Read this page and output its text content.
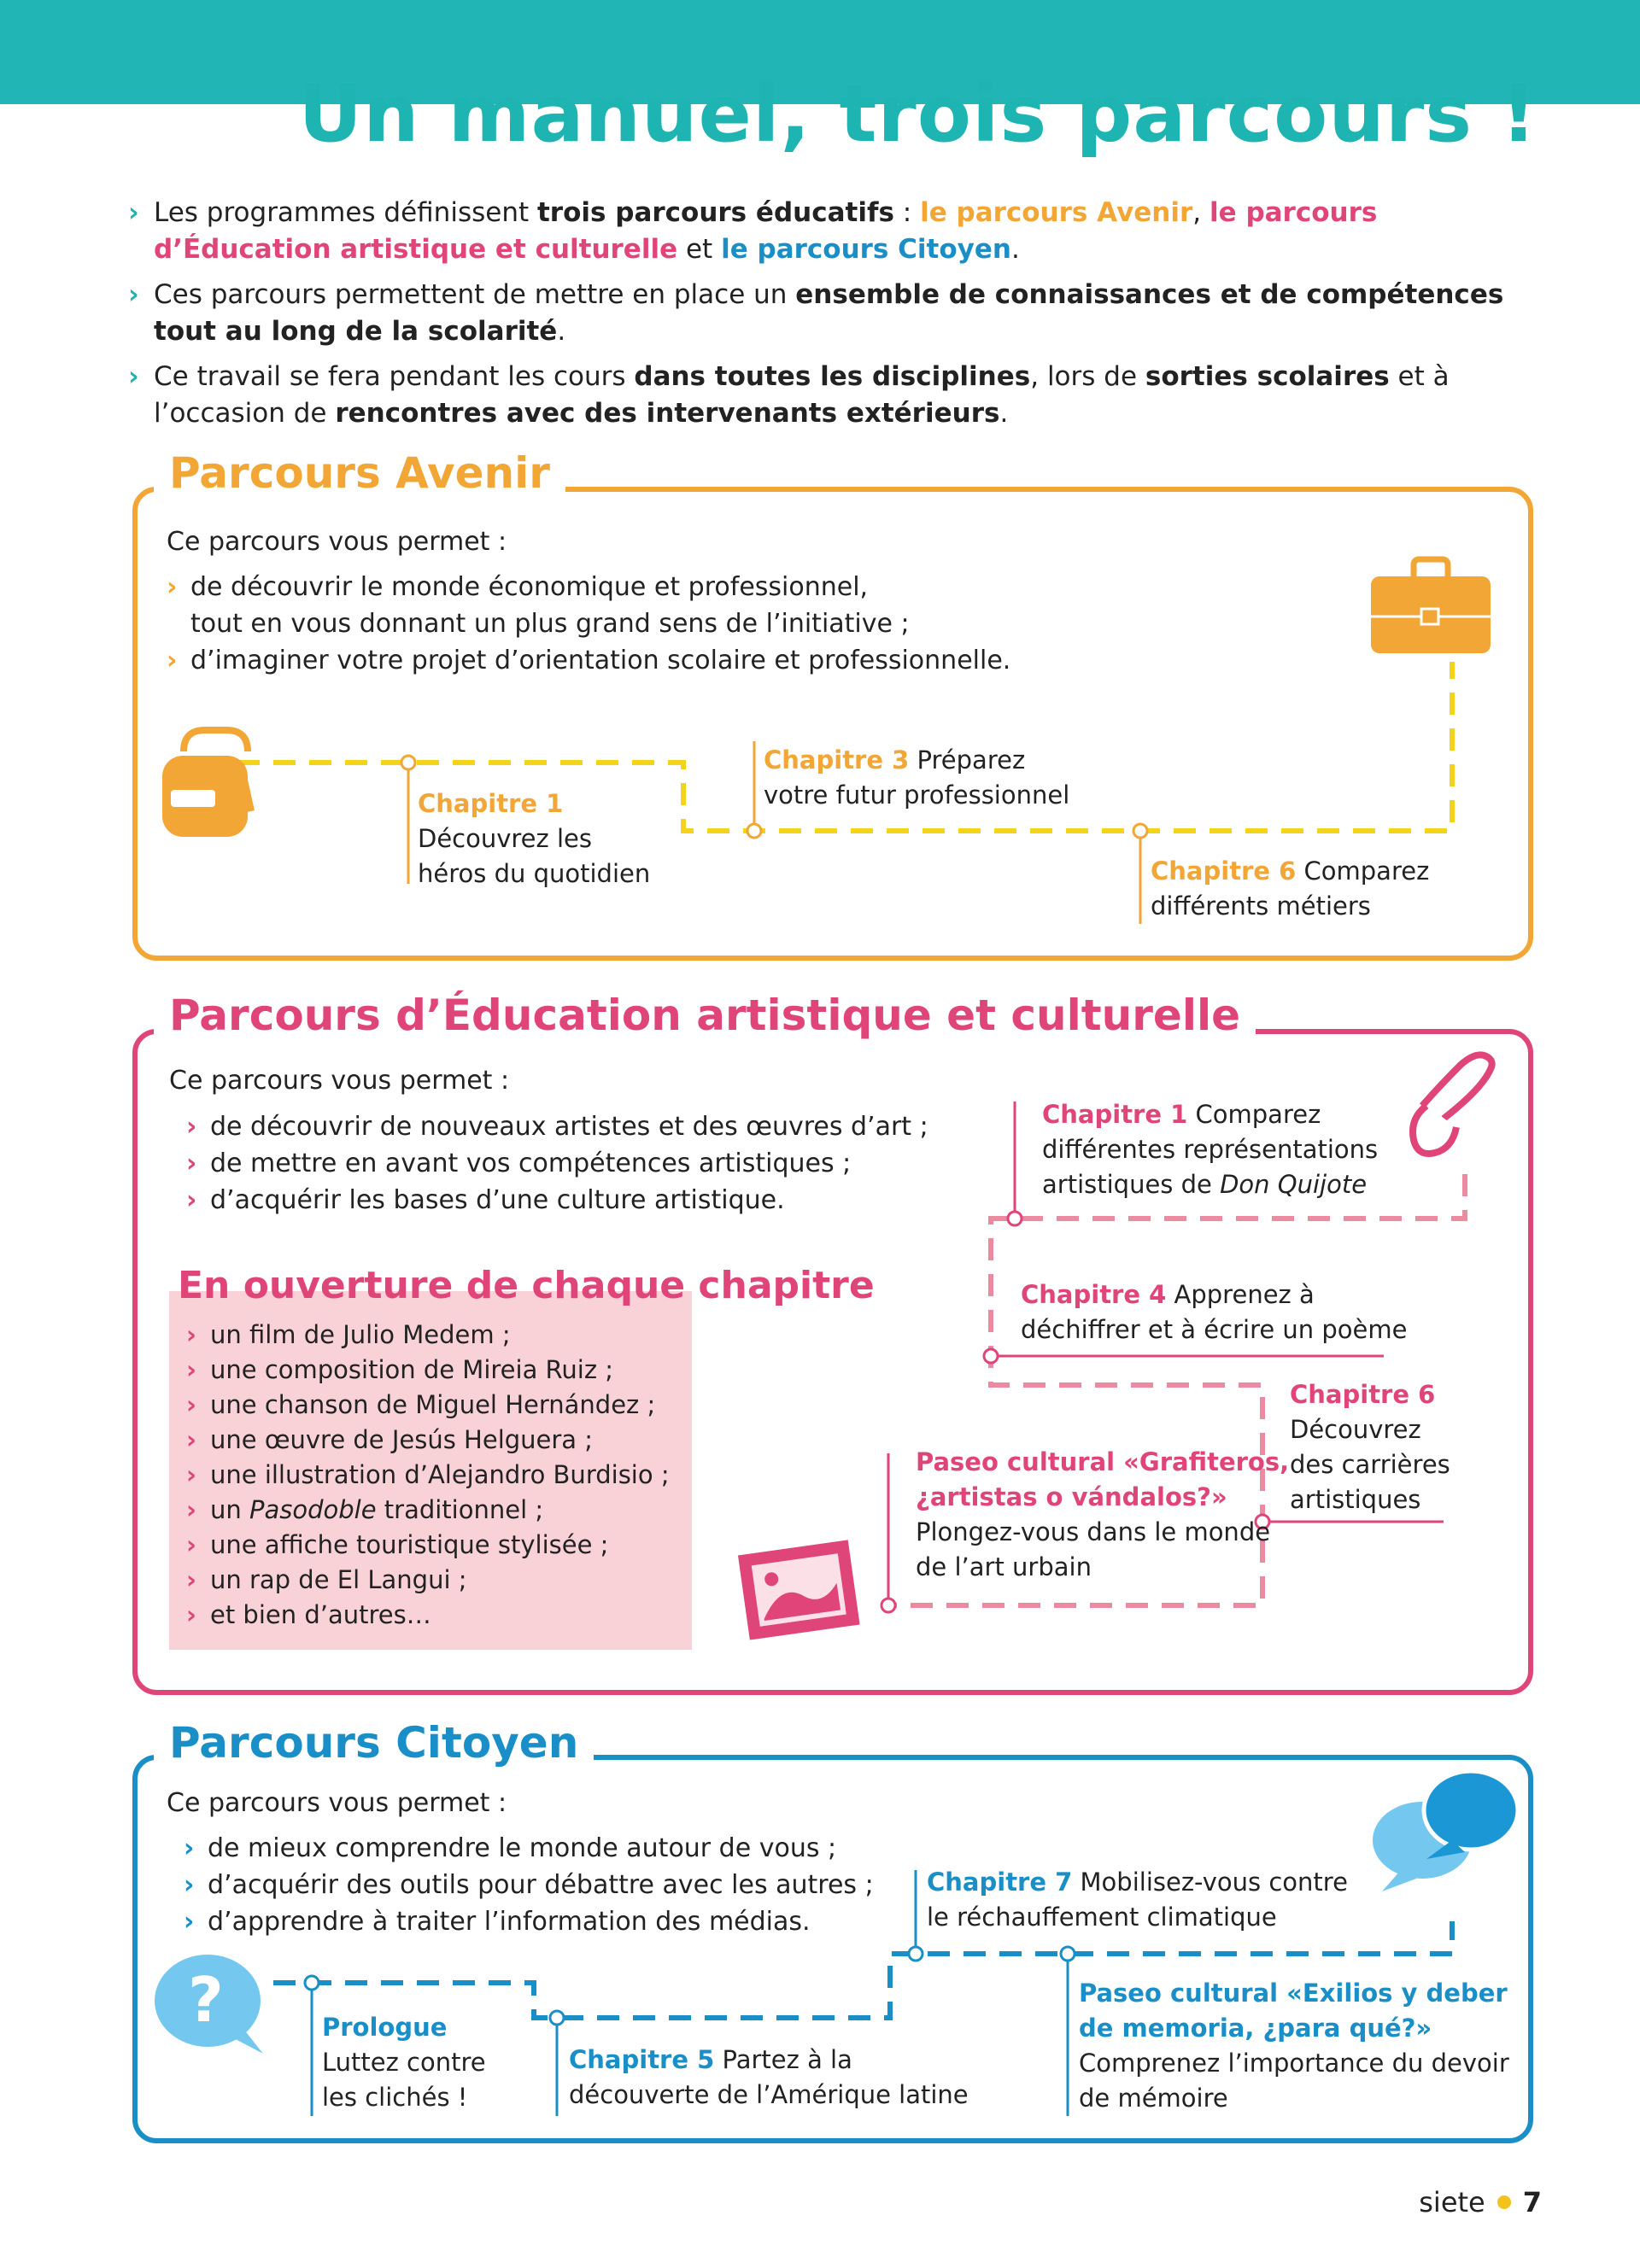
Un manuel, trois parcours !

› Les programmes définissent trois parcours éducatifs : le parcours Avenir, le parcours d’Éducation artistique et culturelle et le parcours Citoyen.

› Ces parcours permettent de mettre en place un ensemble de connaissances et de compétences tout au long de la scolarité.

› Ce travail se fera pendant les cours dans toutes les disciplines, lors de sorties scolaires et à l’occasion de rencontres avec des intervenants extérieurs.

Parcours Avenir
Parcours d’Éducation artistique et culturelle
Parcours Citoyen
Ce parcours vous permet :
› de découvrir le monde économique et professionnel,
tout en vous donnant un plus grand sens de l’initiative ;
› d’imaginer votre projet d’orientation scolaire et professionnelle.
Chapitre 1
Découvrez les
héros du quotidien
Chapitre 3 Préparez
votre futur professionnel
Chapitre 6 Comparez
différents métiers
Ce parcours vous permet :
› de découvrir de nouveaux artistes et des œuvres d’art ;
› de mettre en avant vos compétences artistiques ;
› d’acquérir les bases d’une culture artistique.
En ouverture de chaque chapitre
› un film de Julio Medem ;
› une composition de Mireia Ruiz ;
› une chanson de Miguel Hernández ;
› une œuvre de Jesús Helguera ;
› une illustration d’Alejandro Burdisio ;
› un Pasodoble traditionnel ;
› une affiche touristique stylisée ;
› un rap de El Langui ;
› et bien d’autres…
Chapitre 1 Comparez
différentes représentations
artistiques de Don Quijote
Chapitre 4 Apprenez à
déchiffrer et à écrire un poème
Chapitre 6
Découvrez
des carrières
artistiques
Paseo cultural «Grafiteros,
¿artistas o vándalos?»
Plongez-vous dans le monde
de l’art urbain
Ce parcours vous permet :
› de mieux comprendre le monde autour de vous ;
› d’acquérir des outils pour débattre avec les autres ;
› d’apprendre à traiter l’information des médias.
?	Prologue
Luttez contre
les clichés !
Chapitre 5 Partez à la
découverte de l’Amérique latine
Chapitre 7 Mobilisez-vous contre
le réchauffement climatique
Paseo cultural «Exilios y deber
de memoria, ¿para qué?»
Comprenez l’importance du devoir
de mémoire
siete 7
